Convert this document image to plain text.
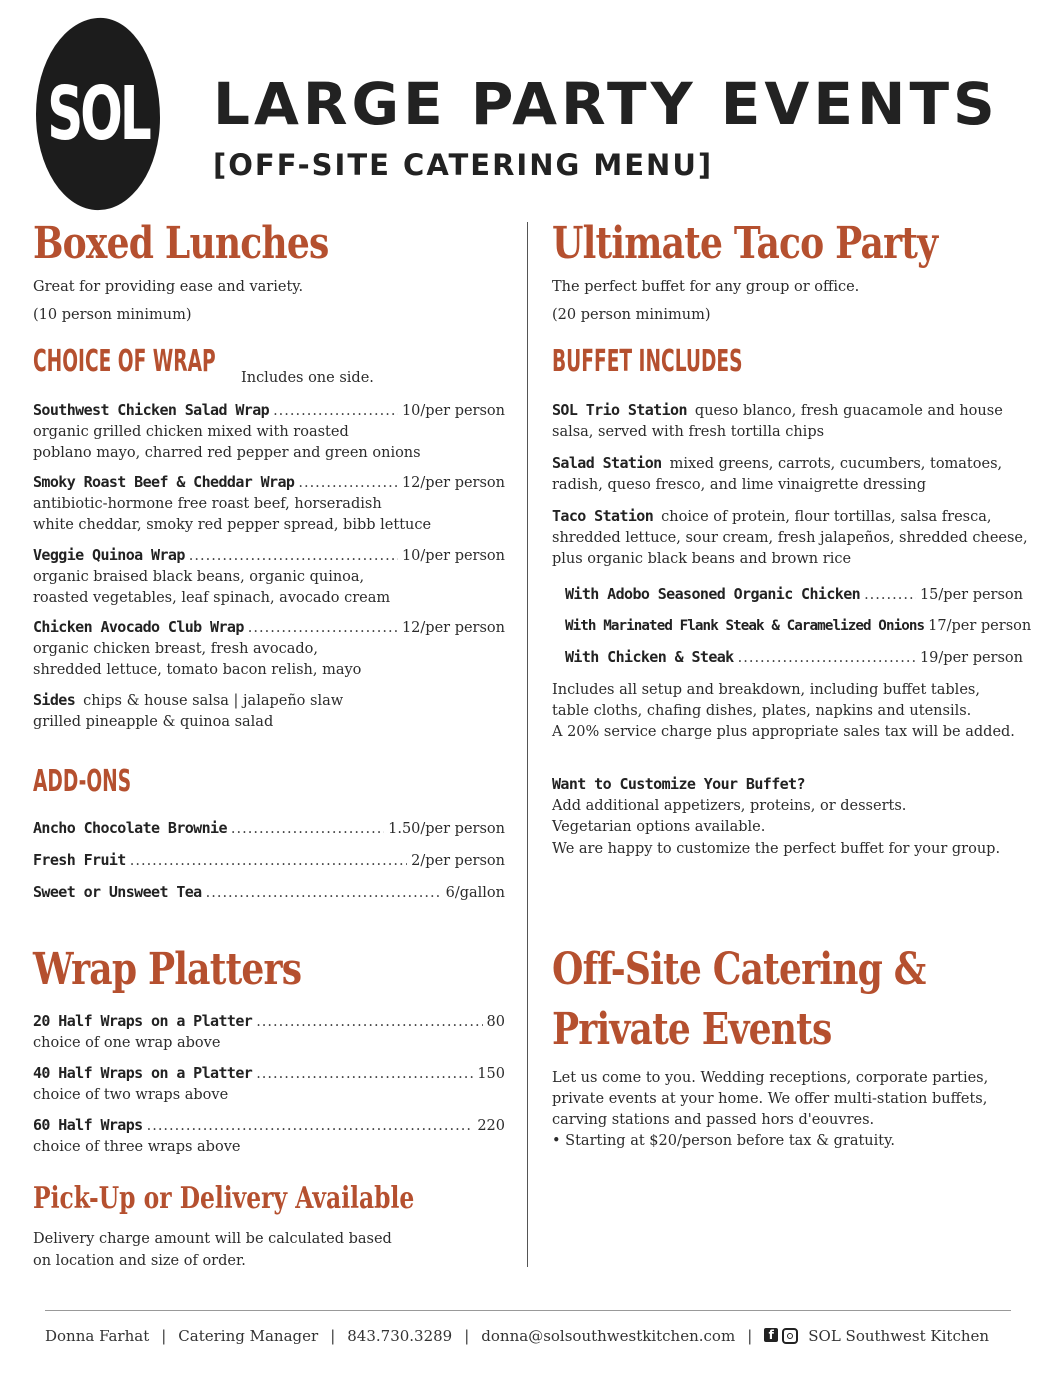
SOL LARGE PARTY EVENTS
[OFF-SITE CATERING MENU]
Boxed Lunches

Great for providing ease and variety.

(10 person minimum)

CHOICE OF WRAP Includes one side.

Southwest Chicken Salad Wrap .....	10/per person
organic grilled chicken mixed with roasted
poblano mayo, charred red pepper and green onions
Smoky Roast Beef & Cheddar Wrap .....	12/per person
antibiotic-hormone free roast beef, horseradish
white cheddar, smoky red pepper spread, bibb lettuce
Veggie Quinoa Wrap .....	10/per person
organic braised black beans, organic quinoa,
roasted vegetables, leaf spinach, avocado cream
Chicken Avocado Club Wrap .....	12/per person
organic chicken breast, fresh avocado,
shredded lettuce, tomato bacon relish, mayo
Sides chips & house salsa | jalapeño slaw
grilled pineapple & quinoa salad
ADD-ONS
Ancho Chocolate Brownie .....	1.50/per person
Fresh Fruit .....	2/per person
Sweet or Unsweet Tea .....	6/gallon
Wrap Platters
20 Half Wraps on a Platter .....	80
choice of one wrap above
40 Half Wraps on a Platter .....	150
choice of two wraps above
60 Half Wraps .....	220
choice of three wraps above
Pick-Up or Delivery Available

Delivery charge amount will be calculated based

on location and size of order.

Ultimate Taco Party

The perfect buffet for any group or office.

(20 person minimum)

BUFFET INCLUDES
SOL Trio Station queso blanco, fresh guacamole and house
salsa, served with fresh tortilla chips
Salad Station mixed greens, carrots, cucumbers, tomatoes,
radish, queso fresco, and lime vinaigrette dressing
Taco Station choice of protein, flour tortillas, salsa fresca,
shredded lettuce, sour cream, fresh jalapeños, shredded cheese,
plus organic black beans and brown rice
With Adobo Seasoned Organic Chicken .....	15/per person
With Marinated Flank Steak & Caramelized Onions 17/per person
With Chicken & Steak .....	19/per person

Includes all setup and breakdown, including buffet tables,

table cloths, chafing dishes, plates, napkins and utensils.

A 20% service charge plus appropriate sales tax will be added.

Want to Customize Your Buffet?

Add additional appetizers, proteins, or desserts.

Vegetarian options available.

We are happy to customize the perfect buffet for your group.

Off-Site Catering &
Private Events

Let us come to you. Wedding receptions, corporate parties,

private events at your home. We offer multi-station buffets,

carving stations and passed hors d'eouvres.

• Starting at $20/person before tax & gratuity.

Donna Farhat | Catering Manager | 843.730.3289 | donna@solsouthwestkitchen.com |	f SOL Southwest Kitchen
